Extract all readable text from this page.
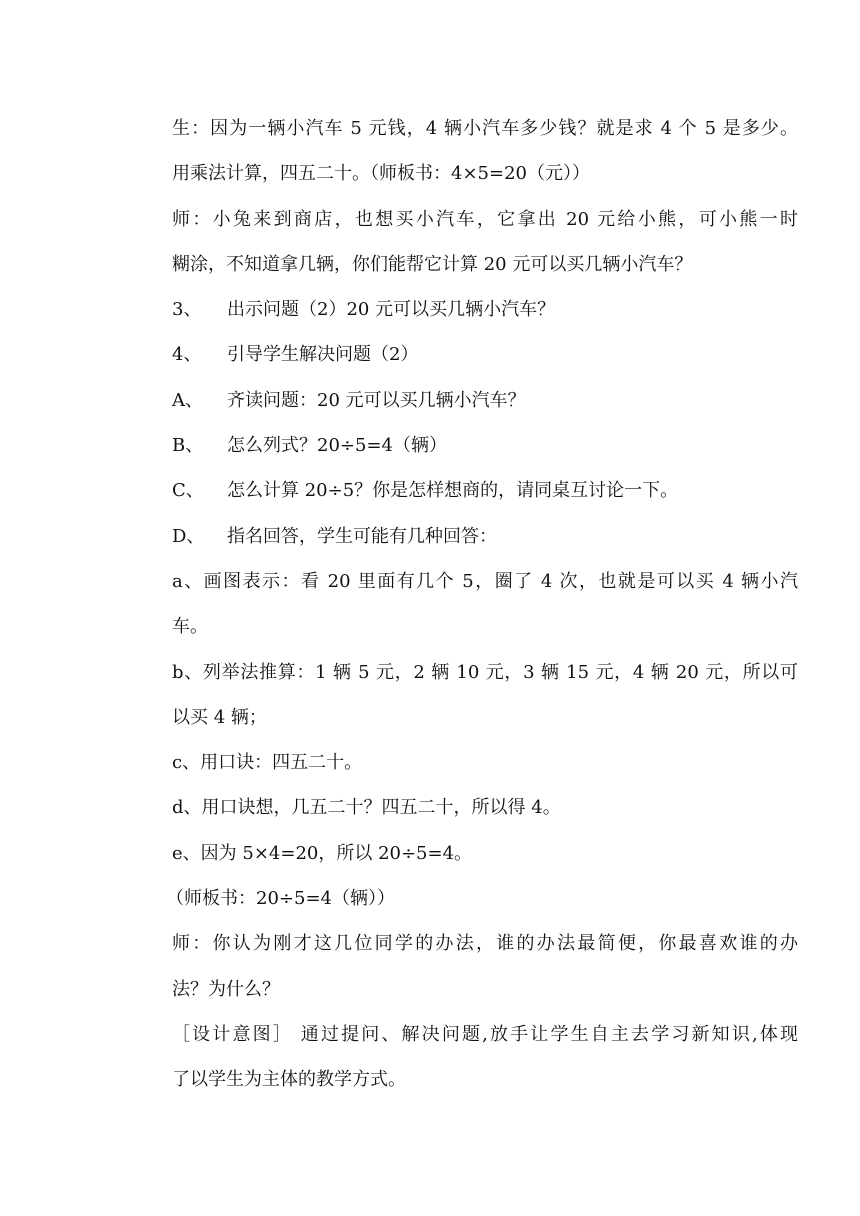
生：因为一辆小汽车 5 元钱，4 辆小汽车多少钱？就是求 4 个 5 是多少。
用乘法计算，四五二十。（师板书：4×5=20（元））
师：小兔来到商店，也想买小汽车，它拿出 20 元给小熊，可小熊一时
糊涂，不知道拿几辆，你们能帮它计算 20 元可以买几辆小汽车？
3、 出示问题（2）20 元可以买几辆小汽车？
4、 引导学生解决问题（2）
A、 齐读问题：20 元可以买几辆小汽车？
B、 怎么列式？20÷5=4（辆）
C、 怎么计算 20÷5？你是怎样想商的，请同桌互讨论一下。
D、 指名回答，学生可能有几种回答：
a、画图表示：看 20 里面有几个 5，圈了 4 次，也就是可以买 4 辆小汽
车。
b、列举法推算：1 辆 5 元，2 辆 10 元，3 辆 15 元，4 辆 20 元，所以可
以买 4 辆；
c、用口诀：四五二十。
d、用口诀想，几五二十？四五二十，所以得 4。
e、因为 5×4=20，所以 20÷5=4。
（师板书：20÷5=4（辆））
师：你认为刚才这几位同学的办法，谁的办法最简便，你最喜欢谁的办
法？为什么？
［设计意图］ 通过提问、解决问题,放手让学生自主去学习新知识,体现
了以学生为主体的教学方式。
